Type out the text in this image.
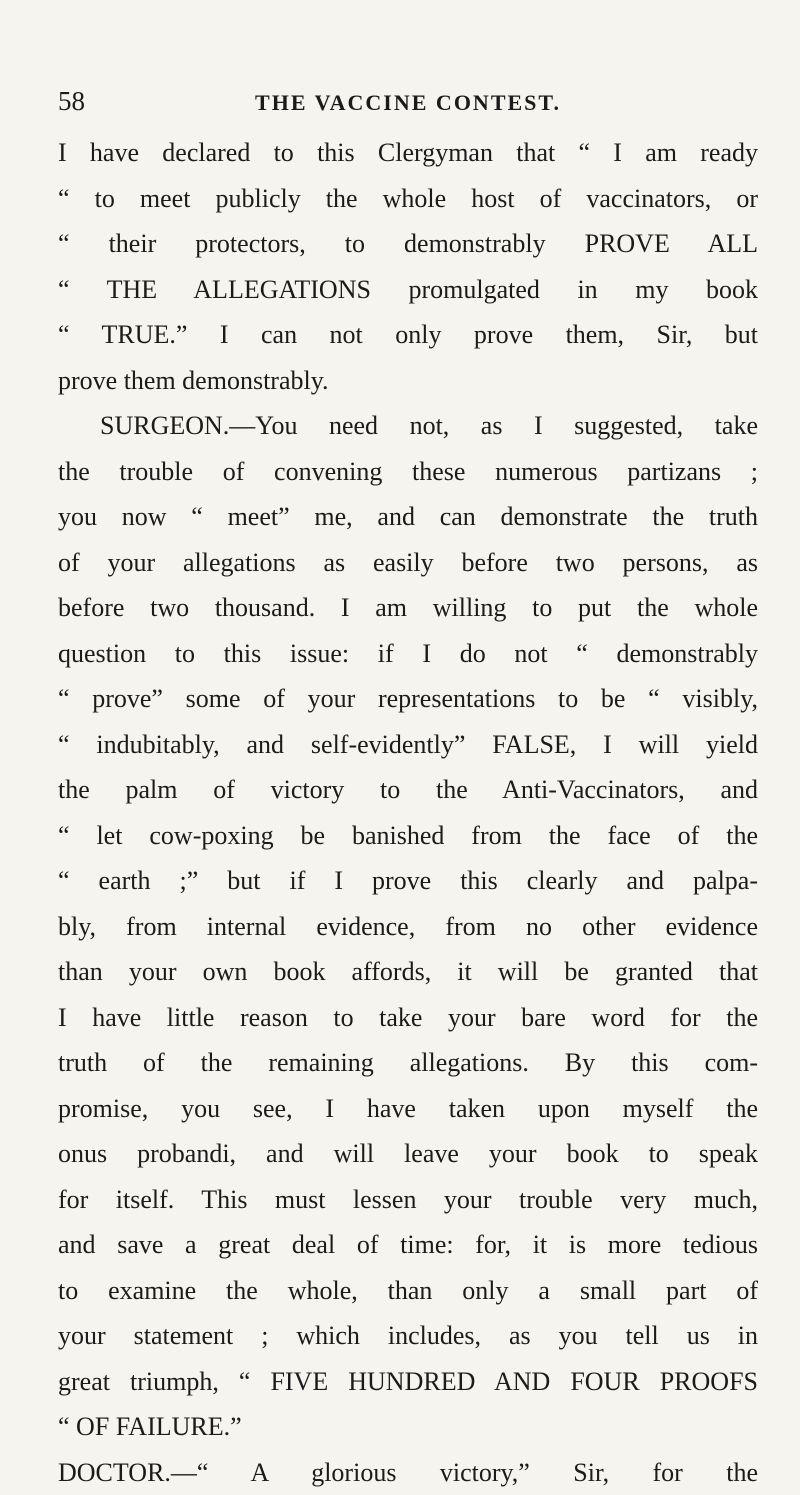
58	THE VACCINE CONTEST.
I have declared to this Clergyman that “ I am ready
“ to meet publicly the whole host of vaccinators, or
“ their protectors, to demonstrably PROVE ALL
“ THE ALLEGATIONS promulgated in my book
“ TRUE.” I can not only prove them, Sir, but
prove them demonstrably.
SURGEON.—You need not, as I suggested, take
the trouble of convening these numerous partizans ;
you now “ meet” me, and can demonstrate the truth
of your allegations as easily before two persons, as
before two thousand. I am willing to put the whole
question to this issue: if I do not “ demonstrably
“ prove” some of your representations to be “ visibly,
“ indubitably, and self-evidently” FALSE, I will yield
the palm of victory to the Anti-Vaccinators, and
“ let cow-poxing be banished from the face of the
“ earth ;” but if I prove this clearly and palpa-
bly, from internal evidence, from no other evidence
than your own book affords, it will be granted that
I have little reason to take your bare word for the
truth of the remaining allegations. By this com-
promise, you see, I have taken upon myself the
onus probandi, and will leave your book to speak
for itself. This must lessen your trouble very much,
and save a great deal of time: for, it is more tedious
to examine the whole, than only a small part of
your statement ; which includes, as you tell us in
great triumph, “ FIVE HUNDRED AND FOUR PROOFS
“ OF FAILURE.”
DOCTOR.—“ A glorious victory,” Sir, for the
